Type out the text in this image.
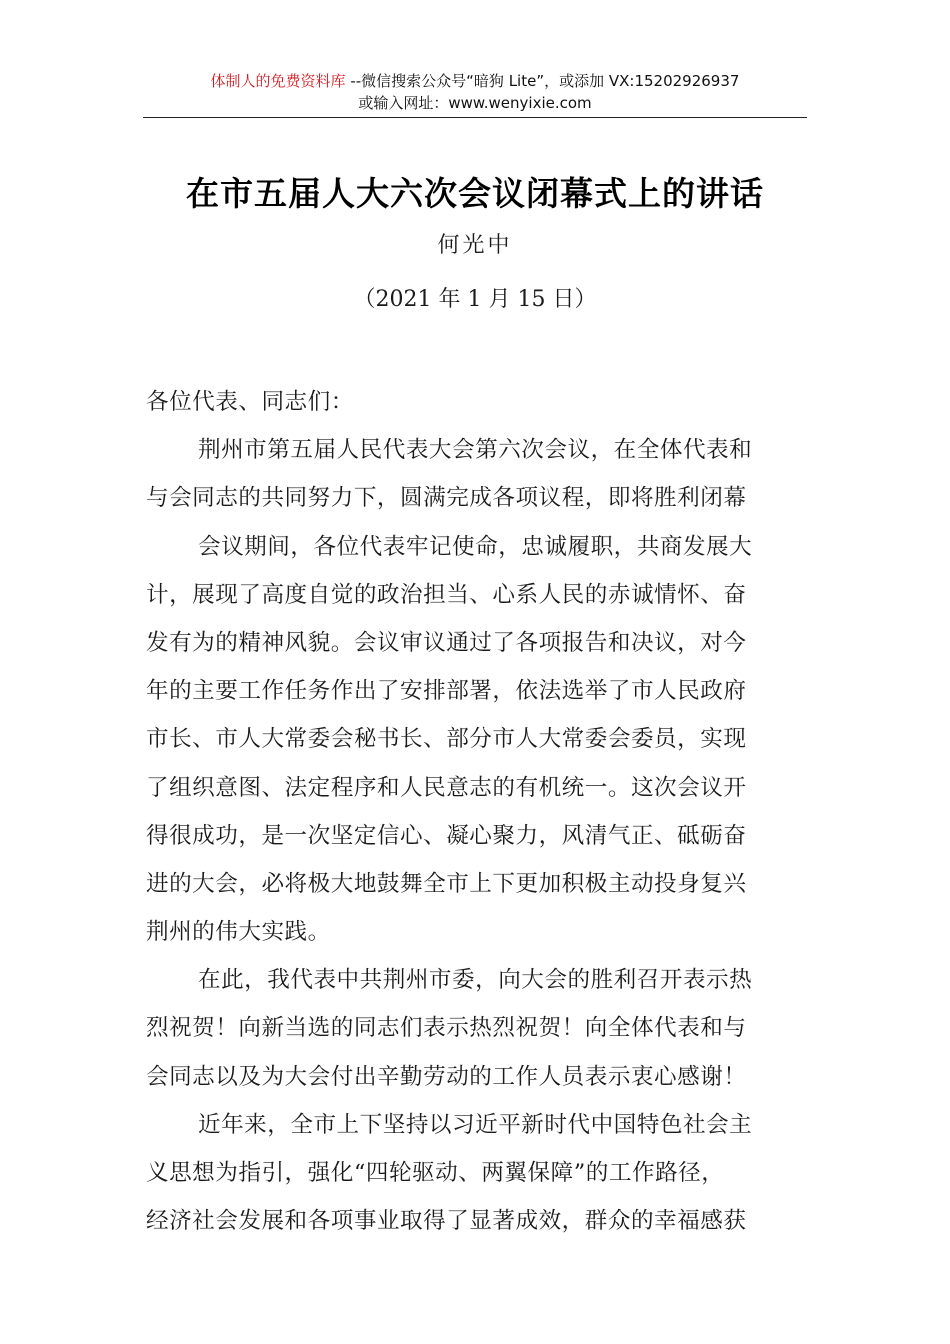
体制人的免费资料库 --微信搜索公众号“暗狗 Lite”，或添加 VX:15202926937
或输入网址：www.wenyixie.com
在市五届人大六次会议闭幕式上的讲话
何光中
（2021 年 1 月 15 日）
各位代表、同志们：
荆州市第五届人民代表大会第六次会议，在全体代表和
与会同志的共同努力下，圆满完成各项议程，即将胜利闭幕
会议期间，各位代表牢记使命，忠诚履职，共商发展大
计，展现了高度自觉的政治担当、心系人民的赤诚情怀、奋
发有为的精神风貌。会议审议通过了各项报告和决议，对今
年的主要工作任务作出了安排部署，依法选举了市人民政府
市长、市人大常委会秘书长、部分市人大常委会委员，实现
了组织意图、法定程序和人民意志的有机统一。这次会议开
得很成功，是一次坚定信心、凝心聚力，风清气正、砥砺奋
进的大会，必将极大地鼓舞全市上下更加积极主动投身复兴
荆州的伟大实践。
在此，我代表中共荆州市委，向大会的胜利召开表示热
烈祝贺！向新当选的同志们表示热烈祝贺！向全体代表和与
会同志以及为大会付出辛勤劳动的工作人员表示衷心感谢！
近年来，全市上下坚持以习近平新时代中国特色社会主
义思想为指引，强化“四轮驱动、两翼保障”的工作路径，
经济社会发展和各项事业取得了显著成效，群众的幸福感获
